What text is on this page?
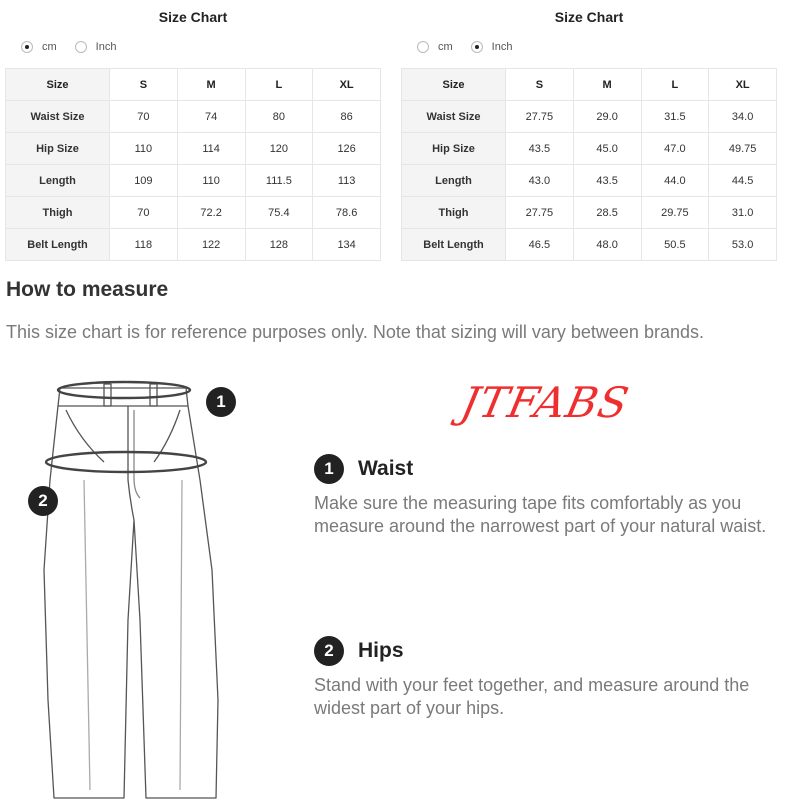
Size Chart
cm	Inch
Size	S	M	L	XL
Waist Size	70	74	80	86
Hip Size	110	114	120	126
Length	109	110	111.5	113
Thigh	70	72.2	75.4	78.6
Belt Length	118	122	128	134
Size Chart
cm	Inch
Size	S	M	L	XL
Waist Size	27.75	29.0	31.5	34.0
Hip Size	43.5	45.0	47.0	49.75
Length	43.0	43.5	44.0	44.5
Thigh	27.75	28.5	29.75	31.0
Belt Length	46.5	48.0	50.5	53.0
How to measure
This size chart is for reference purposes only. Note that sizing will vary between brands.
1
2
JTFABS
1	Waist
Make sure the measuring tape fits comfortably as you measure around the narrowest part of your natural waist.
2	Hips
Stand with your feet together, and measure around the widest part of your hips.
